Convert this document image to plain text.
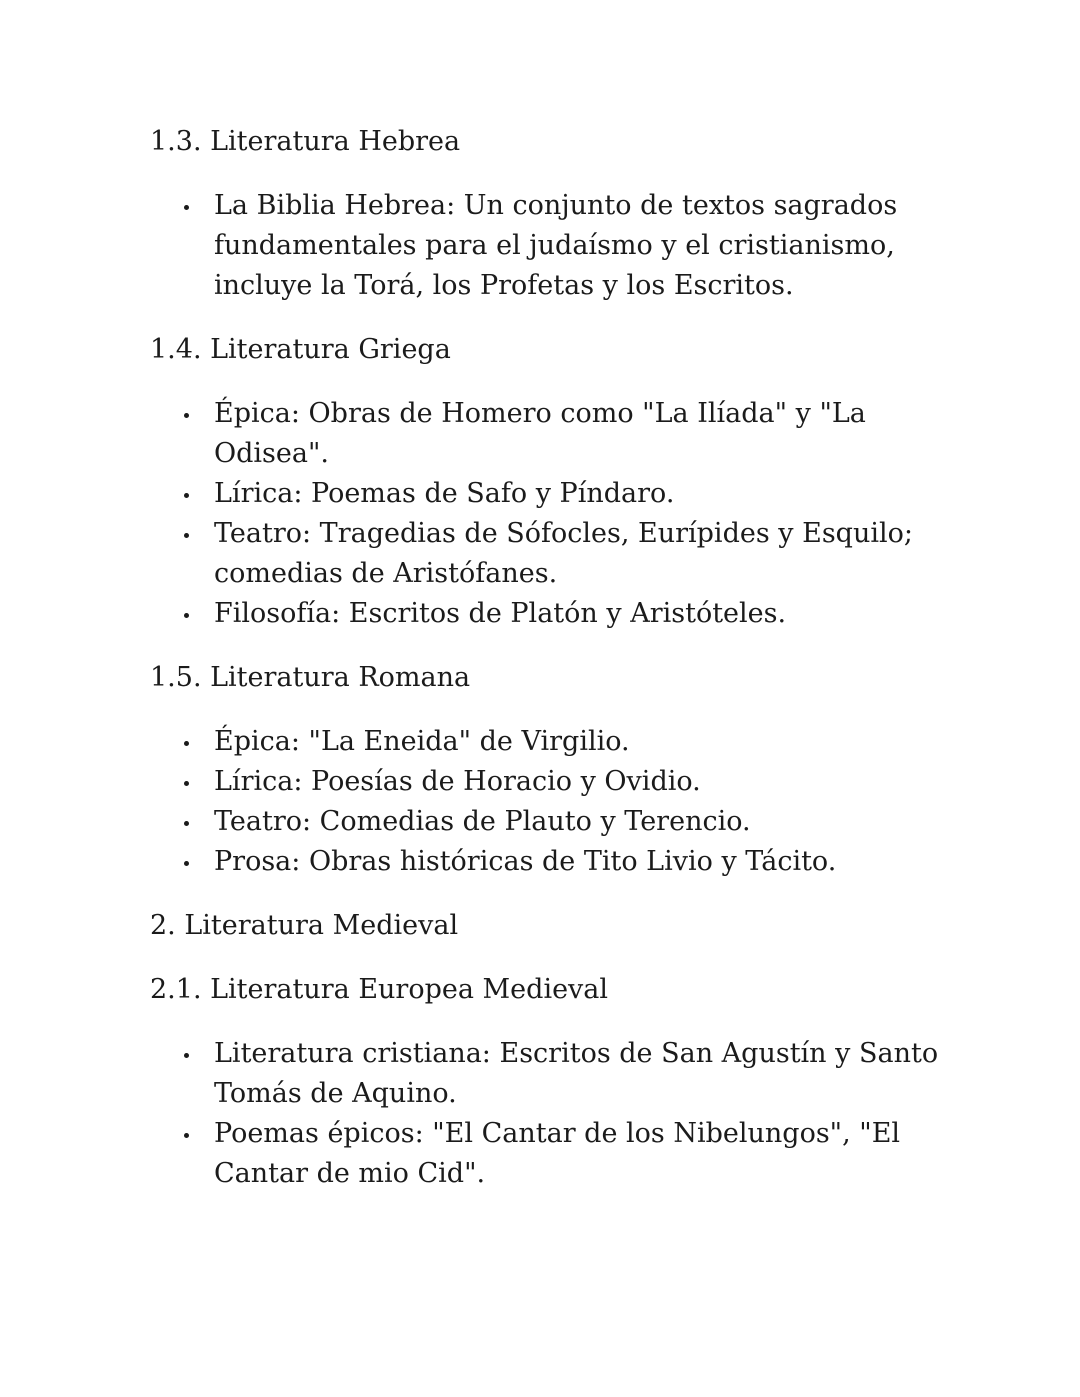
1.3. Literatura Hebrea
La Biblia Hebrea: Un conjunto de textos sagrados fundamentales para el judaísmo y el cristianismo, incluye la Torá, los Profetas y los Escritos.
1.4. Literatura Griega
Épica: Obras de Homero como "La Ilíada" y "La Odisea".
Lírica: Poemas de Safo y Píndaro.
Teatro: Tragedias de Sófocles, Eurípides y Esquilo; comedias de Aristófanes.
Filosofía: Escritos de Platón y Aristóteles.
1.5. Literatura Romana
Épica: "La Eneida" de Virgilio.
Lírica: Poesías de Horacio y Ovidio.
Teatro: Comedias de Plauto y Terencio.
Prosa: Obras históricas de Tito Livio y Tácito.
2. Literatura Medieval
2.1. Literatura Europea Medieval
Literatura cristiana: Escritos de San Agustín y Santo Tomás de Aquino.
Poemas épicos: "El Cantar de los Nibelungos", "El Cantar de mio Cid".
